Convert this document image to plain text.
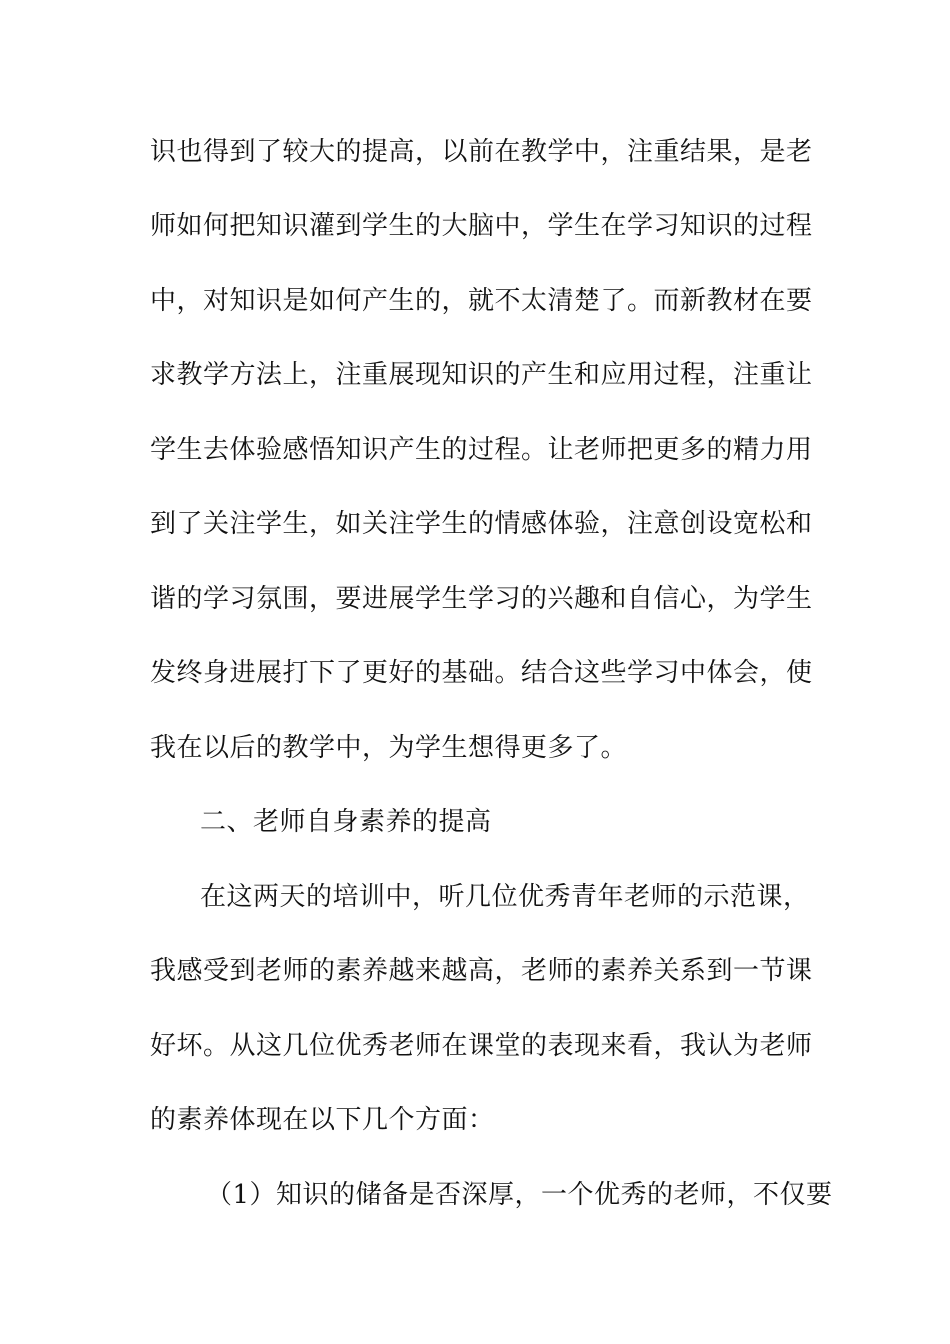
识也得到了较大的提高，以前在教学中，注重结果，是老
师如何把知识灌到学生的大脑中，学生在学习知识的过程
中，对知识是如何产生的，就不太清楚了。而新教材在要
求教学方法上，注重展现知识的产生和应用过程，注重让
学生去体验感悟知识产生的过程。让老师把更多的精力用
到了关注学生，如关注学生的情感体验，注意创设宽松和
谐的学习氛围，要进展学生学习的兴趣和自信心，为学生
发终身进展打下了更好的基础。结合这些学习中体会，使
我在以后的教学中，为学生想得更多了。
二、老师自身素养的提高
在这两天的培训中，听几位优秀青年老师的示范课，
我感受到老师的素养越来越高，老师的素养关系到一节课
好坏。从这几位优秀老师在课堂的表现来看，我认为老师
的素养体现在以下几个方面：
（1）知识的储备是否深厚，一个优秀的老师，不仅要
